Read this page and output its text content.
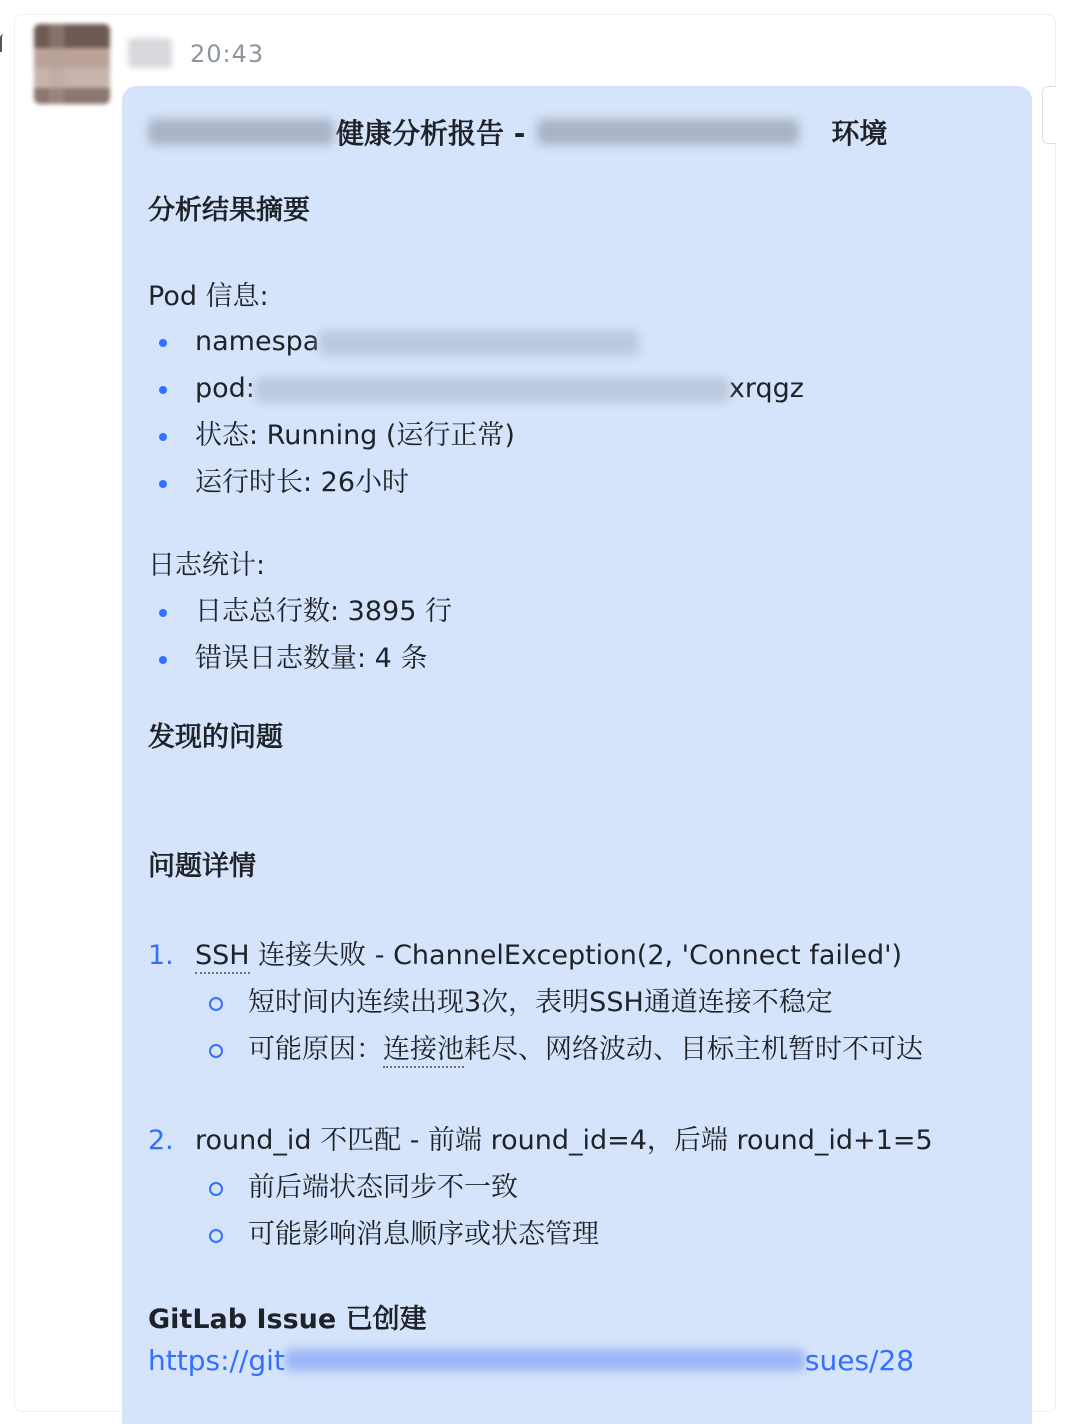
20:43
健康分析报告 -	环境
分析结果摘要
Pod 信息:
namespa
pod:	xrqgz
状态: Running (运行正常)
运行时长: 26小时
日志统计:
日志总行数: 3895 行
错误日志数量: 4 条
发现的问题
问题详情
1. SSH 连接失败 - ChannelException(2, 'Connect failed')
短时间内连续出现3次，表明SSH通道连接不稳定
可能原因：连接池耗尽、网络波动、目标主机暂时不可达
2. round_id 不匹配 - 前端 round_id=4，后端 round_id+1=5
前后端状态同步不一致
可能影响消息顺序或状态管理
GitLab Issue 已创建
https://git	sues/28
